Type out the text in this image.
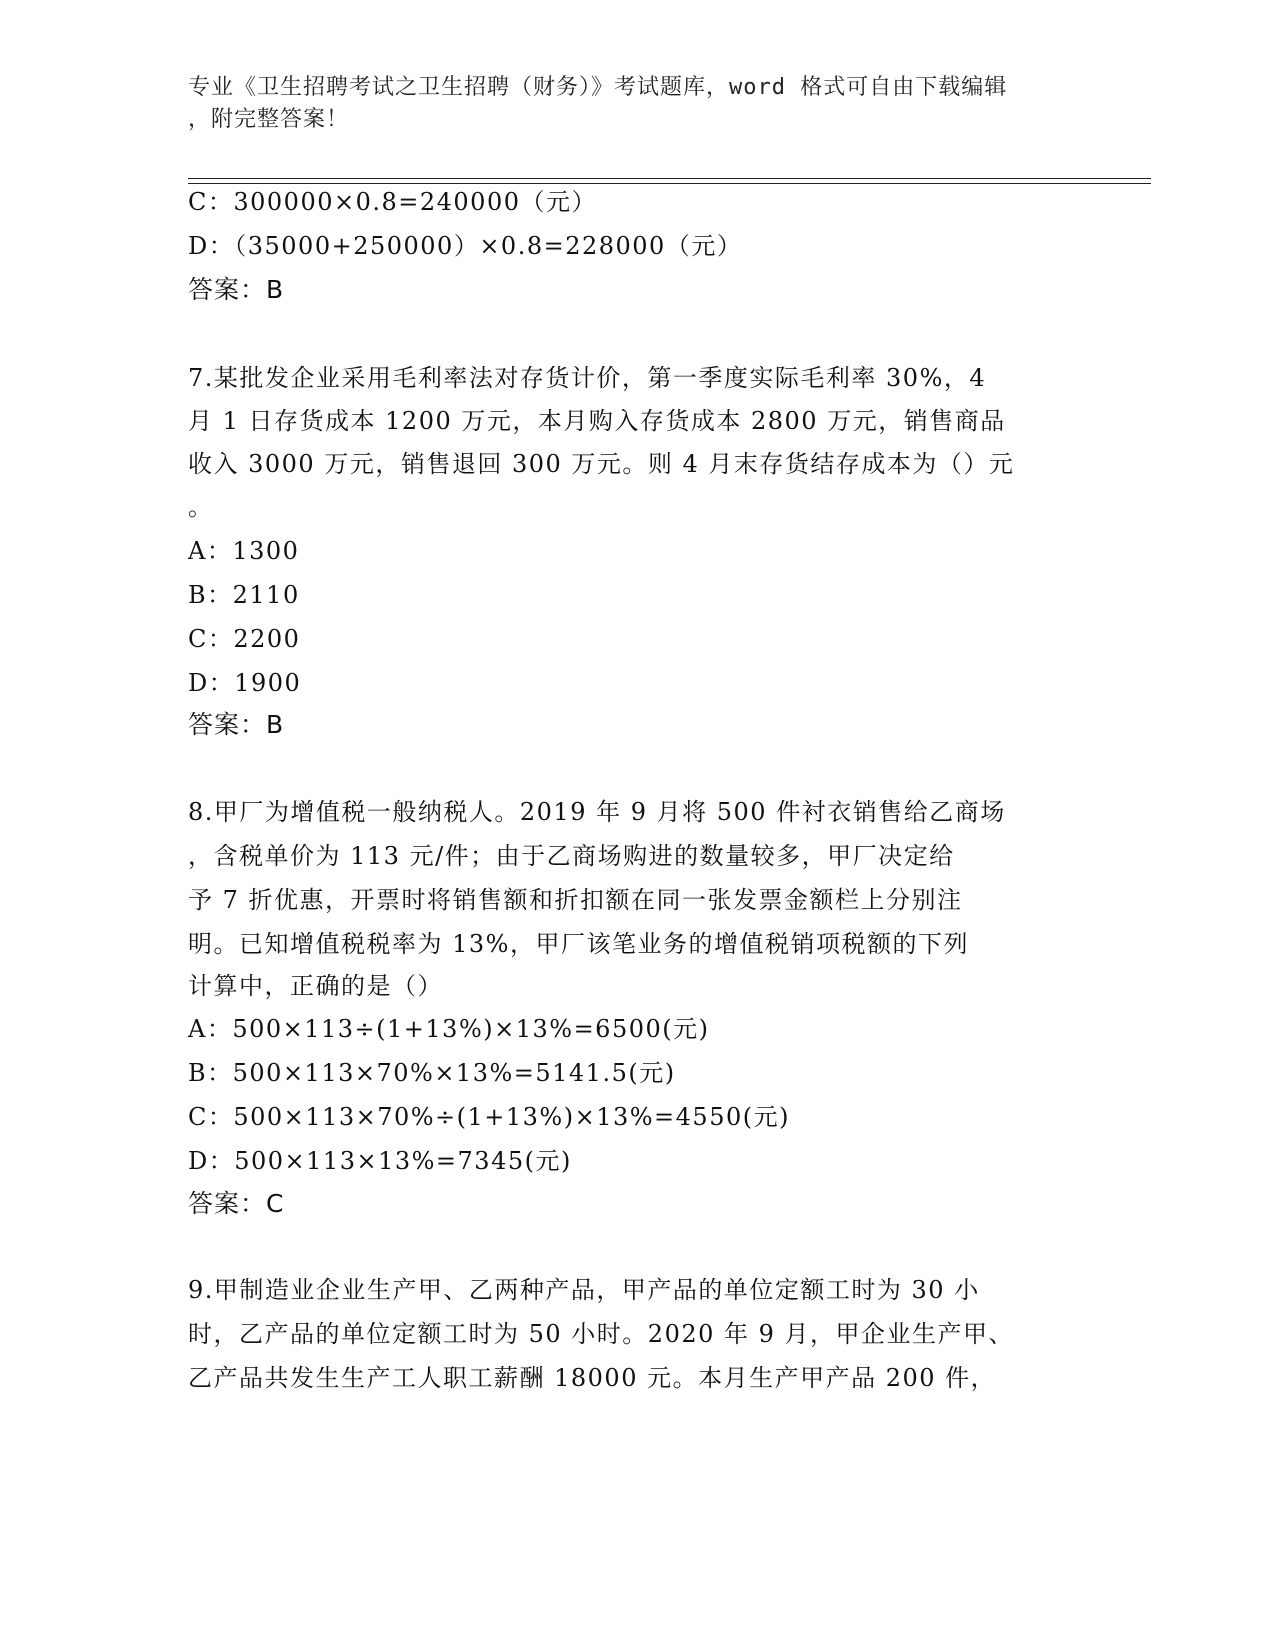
专业《卫生招聘考试之卫生招聘（财务）》考试题库，word 格式可自由下载编辑
，附完整答案！
C：300000×0.8=240000（元）
D：（35000+250000）×0.8=228000（元）
答案：B
7.某批发企业采用毛利率法对存货计价，第一季度实际毛利率 30%，4
月 1 日存货成本 1200 万元，本月购入存货成本 2800 万元，销售商品
收入 3000 万元，销售退回 300 万元。则 4 月末存货结存成本为（）元
。
A：1300
B：2110
C：2200
D：1900
答案：B
8.甲厂为增值税一般纳税人。2019 年 9 月将 500 件衬衣销售给乙商场
，含税单价为 113 元/件；由于乙商场购进的数量较多，甲厂决定给
予 7 折优惠，开票时将销售额和折扣额在同一张发票金额栏上分别注
明。已知增值税税率为 13%，甲厂该笔业务的增值税销项税额的下列
计算中，正确的是（）
A：500×113÷(1+13%)×13%=6500(元)
B：500×113×70%×13%=5141.5(元)
C：500×113×70%÷(1+13%)×13%=4550(元)
D：500×113×13%=7345(元)
答案：C
9.甲制造业企业生产甲、乙两种产品，甲产品的单位定额工时为 30 小
时，乙产品的单位定额工时为 50 小时。2020 年 9 月，甲企业生产甲、
乙产品共发生生产工人职工薪酬 18000 元。本月生产甲产品 200 件，
